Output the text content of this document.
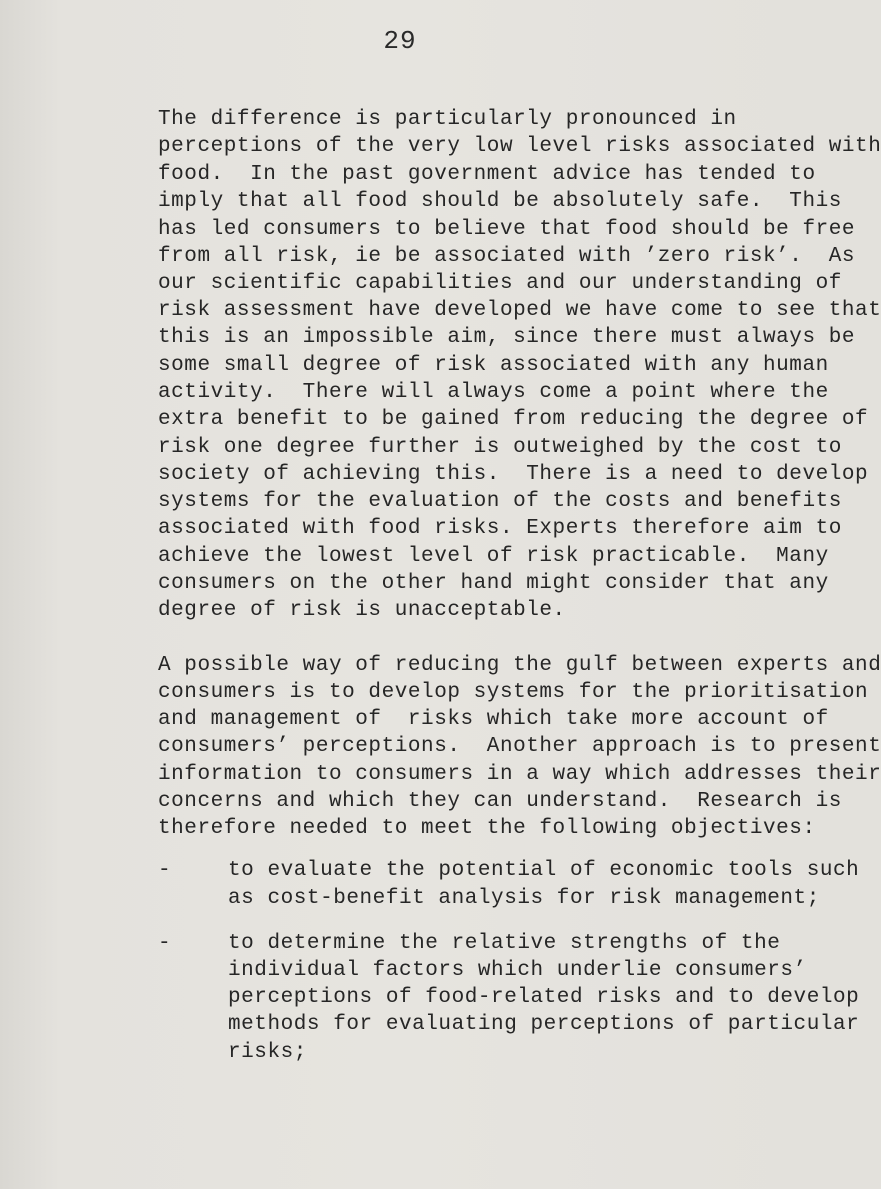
29
The difference is particularly pronounced in
perceptions of the very low level risks associated with
food.  In the past government advice has tended to
imply that all food should be absolutely safe.  This
has led consumers to believe that food should be free
from all risk, ie be associated with ’zero risk’.  As
our scientific capabilities and our understanding of
risk assessment have developed we have come to see that
this is an impossible aim, since there must always be
some small degree of risk associated with any human
activity.  There will always come a point where the
extra benefit to be gained from reducing the degree of
risk one degree further is outweighed by the cost to
society of achieving this.  There is a need to develop
systems for the evaluation of the costs and benefits
associated with food risks. Experts therefore aim to
achieve the lowest level of risk practicable.  Many
consumers on the other hand might consider that any
degree of risk is unacceptable.
A possible way of reducing the gulf between experts and
consumers is to develop systems for the prioritisation
and management of  risks which take more account of
consumers’ perceptions.  Another approach is to present
information to consumers in a way which addresses their
concerns and which they can understand.  Research is
therefore needed to meet the following objectives:
-	to evaluate the potential of economic tools such
as cost-benefit analysis for risk management;
-	to determine the relative strengths of the
individual factors which underlie consumers’
perceptions of food-related risks and to develop
methods for evaluating perceptions of particular
risks;
